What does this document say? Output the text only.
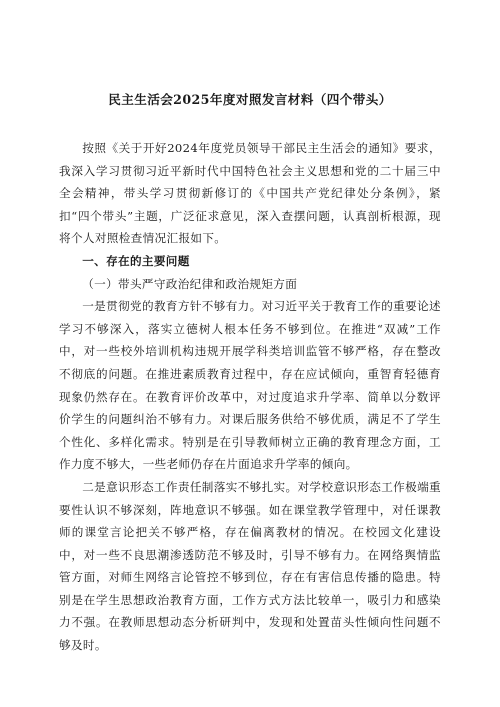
民主生活会2025年度对照发言材料（四个带头）

按照《关于开好2024年度党员领导干部民主生活会的通知》要求，我深入学习贯彻习近平新时代中国特色社会主义思想和党的二十届三中全会精神，带头学习贯彻新修订的《中国共产党纪律处分条例》，紧扣“四个带头”主题，广泛征求意见，深入查摆问题，认真剖析根源，现将个人对照检查情况汇报如下。

一、存在的主要问题

（一）带头严守政治纪律和政治规矩方面

一是贯彻党的教育方针不够有力。对习近平关于教育工作的重要论述学习不够深入，落实立德树人根本任务不够到位。在推进“双减”工作中，对一些校外培训机构违规开展学科类培训监管不够严格，存在整改不彻底的问题。在推进素质教育过程中，存在应试倾向，重智育轻德育现象仍然存在。在教育评价改革中，对过度追求升学率、简单以分数评价学生的问题纠治不够有力。对课后服务供给不够优质，满足不了学生个性化、多样化需求。特别是在引导教师树立正确的教育理念方面，工作力度不够大，一些老师仍存在片面追求升学率的倾向。

二是意识形态工作责任制落实不够扎实。对学校意识形态工作极端重要性认识不够深刻，阵地意识不够强。如在课堂教学管理中，对任课教师的课堂言论把关不够严格，存在偏离教材的情况。在校园文化建设中，对一些不良思潮渗透防范不够及时，引导不够有力。在网络舆情监管方面，对师生网络言论管控不够到位，存在有害信息传播的隐患。特别是在学生思想政治教育方面，工作方式方法比较单一，吸引力和感染力不强。在教师思想动态分析研判中，发现和处置苗头性倾向性问题不够及时。
